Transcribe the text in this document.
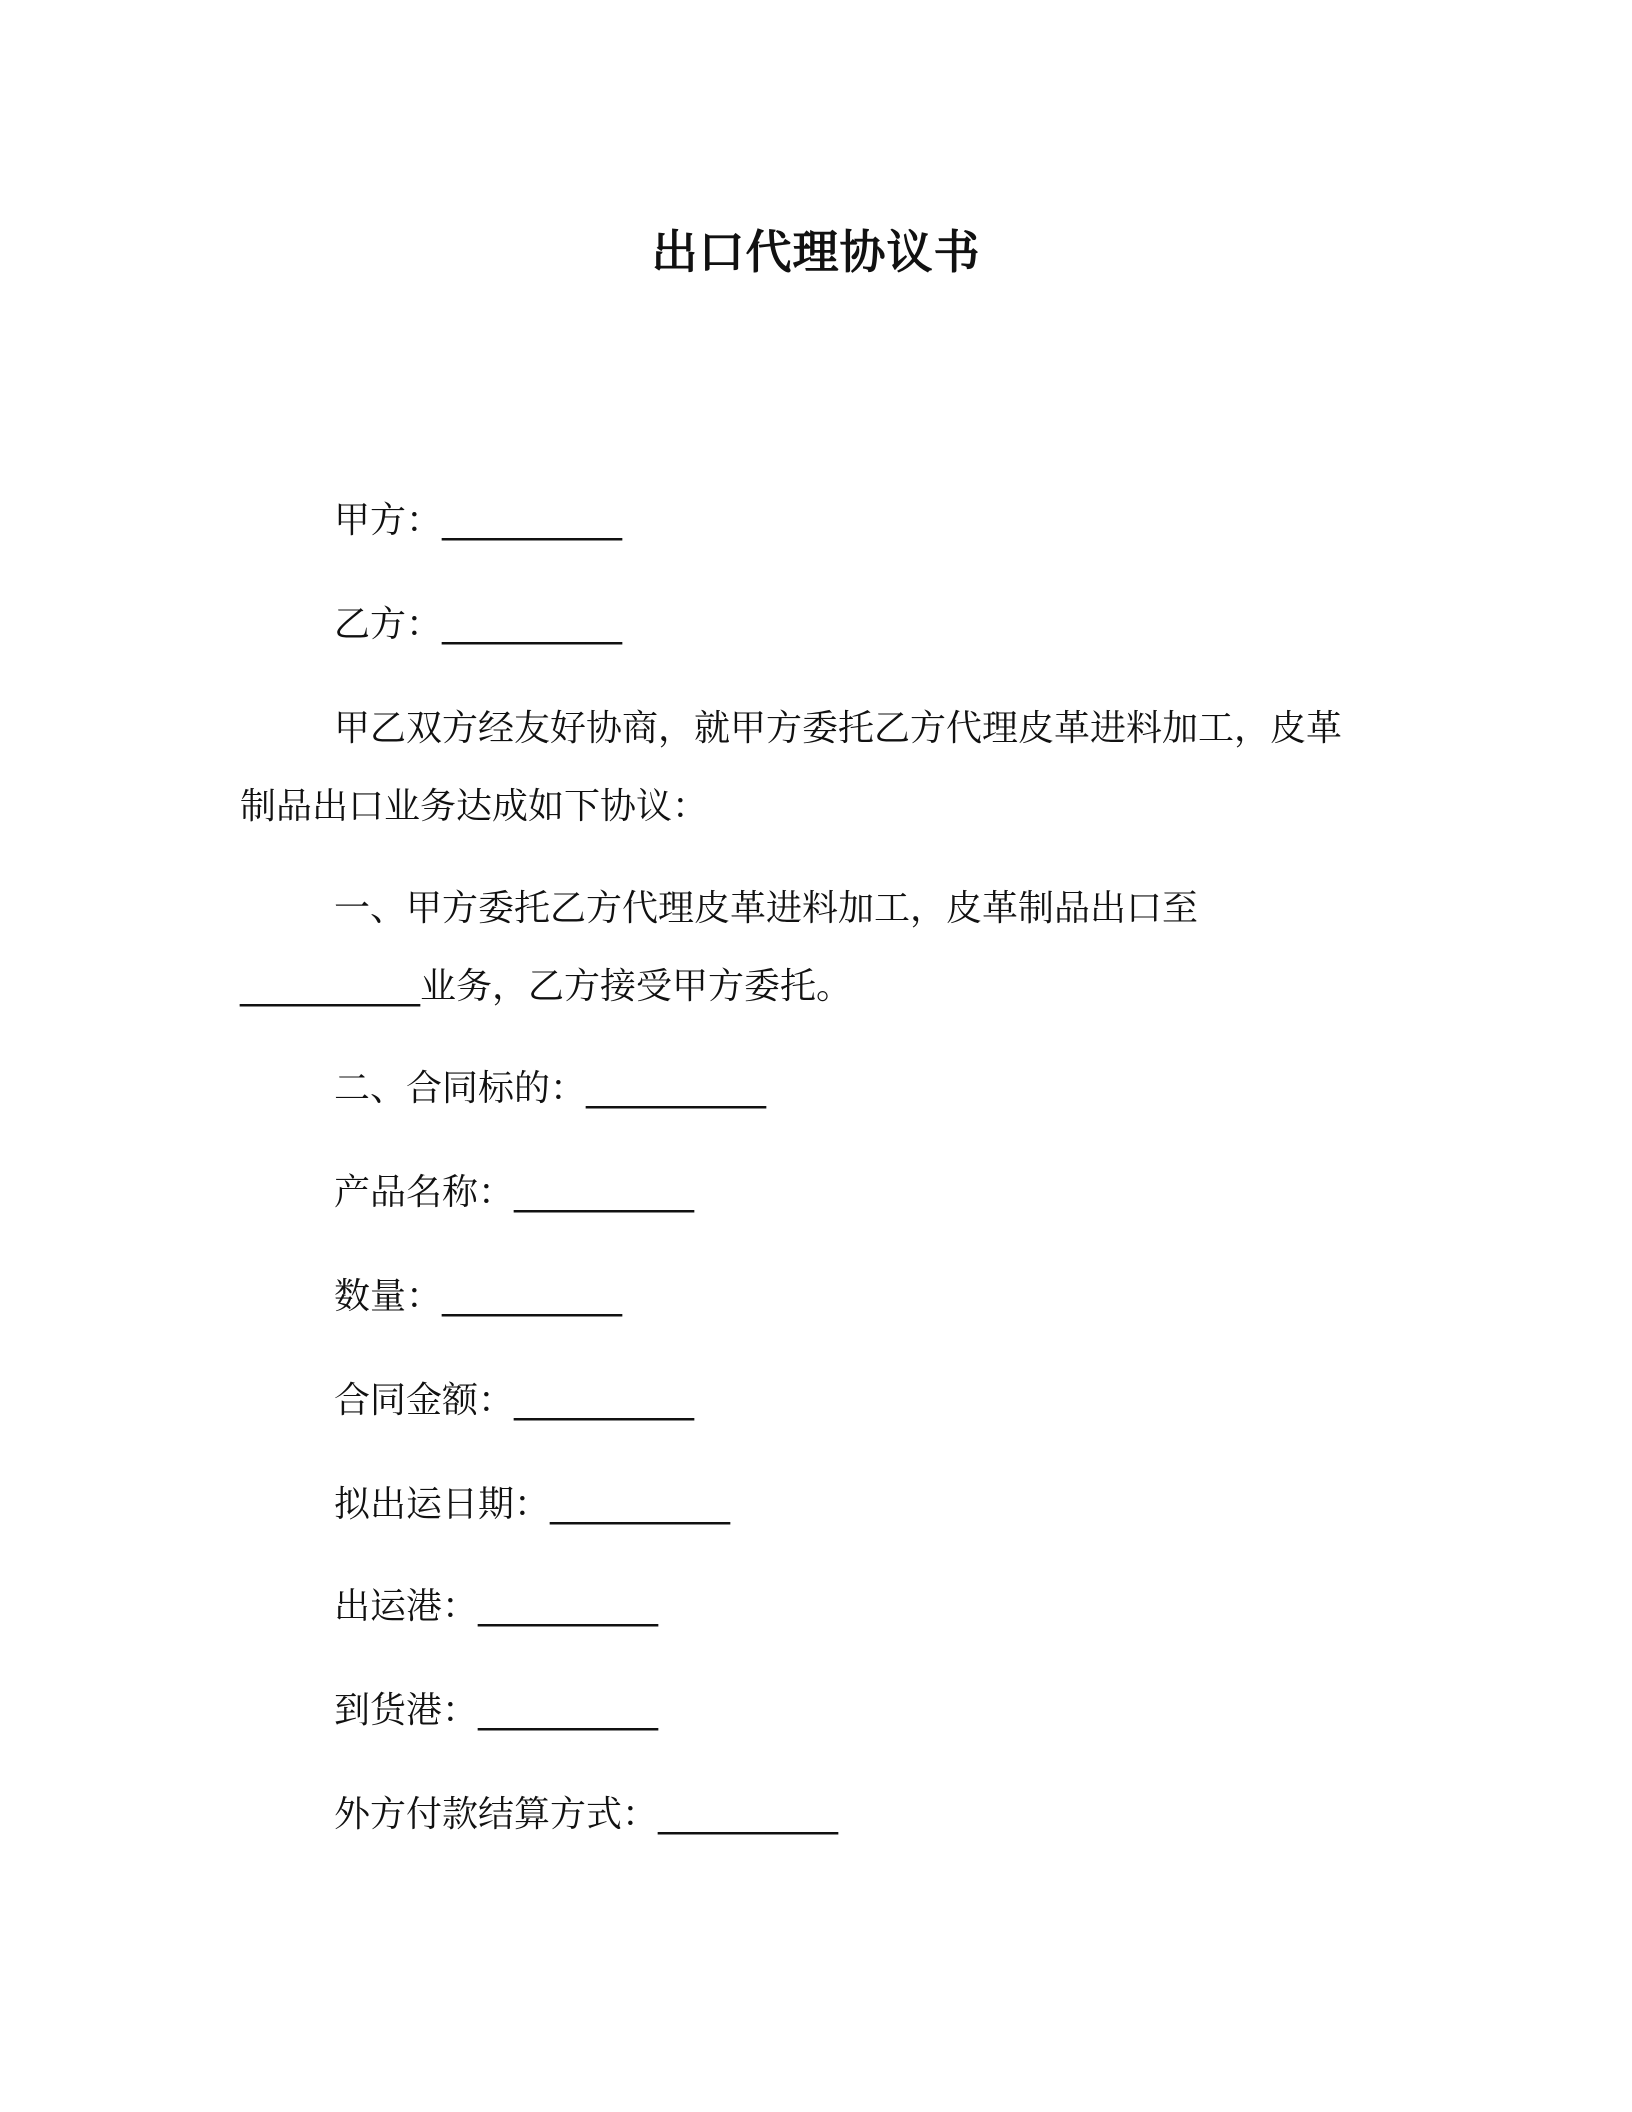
出口代理协议书
甲方：__________
乙方：__________
甲乙双方经友好协商，就甲方委托乙方代理皮革进料加工，皮革
制品出口业务达成如下协议：
一、甲方委托乙方代理皮革进料加工，皮革制品出口至
__________业务，乙方接受甲方委托。
二、合同标的：__________
产品名称：__________
数量：__________
合同金额：__________
拟出运日期：__________
出运港：__________
到货港：__________
外方付款结算方式：__________
